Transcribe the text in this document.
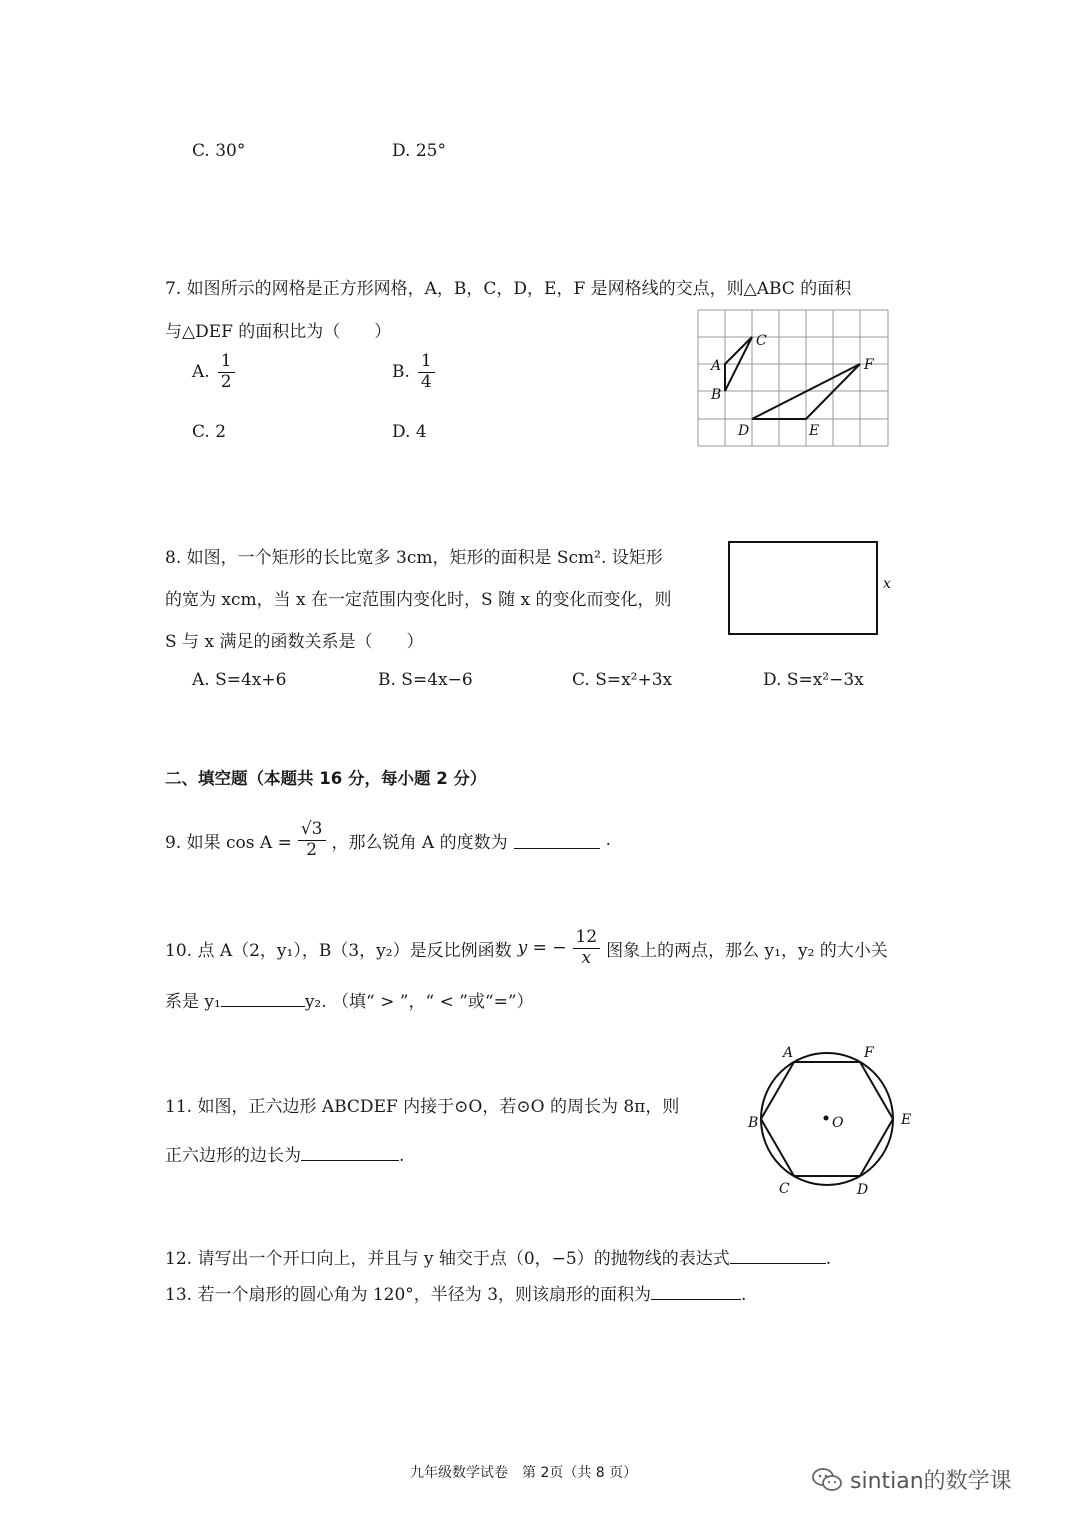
C. 30°	D. 25°
7. 如图所示的网格是正方形网格，A，B，C，D，E，F 是网格线的交点，则△ABC 的面积
与△DEF 的面积比为（　　）
A. $\frac{1}{2}$	B. $\frac{1}{4}$
C. 2	D. 4
A
B
C
D	E
F
8. 如图，一个矩形的长比宽多 3cm，矩形的面积是 Scm². 设矩形
的宽为 xcm，当 x 在一定范围内变化时，S 随 x 的变化而变化，则
S 与 x 满足的函数关系是（　　）
A. S=4x+6	B. S=4x−6	C. S=x²+3x	D. S=x²−3x
x
二、填空题（本题共 16 分，每小题 2 分）
9. 如果 $\cos A = \frac{√3}{2}$ ，那么锐角 A 的度数为	.
10. 点 A（2，y₁），B（3，y₂）是反比例函数 y = − $\frac{12}{x}$ 图象上的两点，那么 y₁，y₂ 的大小关
系是 y₁	y₂. （填“ > ”，“ < ”或“=”）
11. 如图，正六边形 ABCDEF 内接于⊙O，若⊙O 的周长为 8π，则
正六边形的边长为	.
A	F
B	E
C	D
O
12. 请写出一个开口向上，并且与 y 轴交于点（0，−5）的抛物线的表达式	.
13. 若一个扇形的圆心角为 120°，半径为 3，则该扇形的面积为	.
九年级数学试卷　第 2页（共 8 页）	sintian的数学课
